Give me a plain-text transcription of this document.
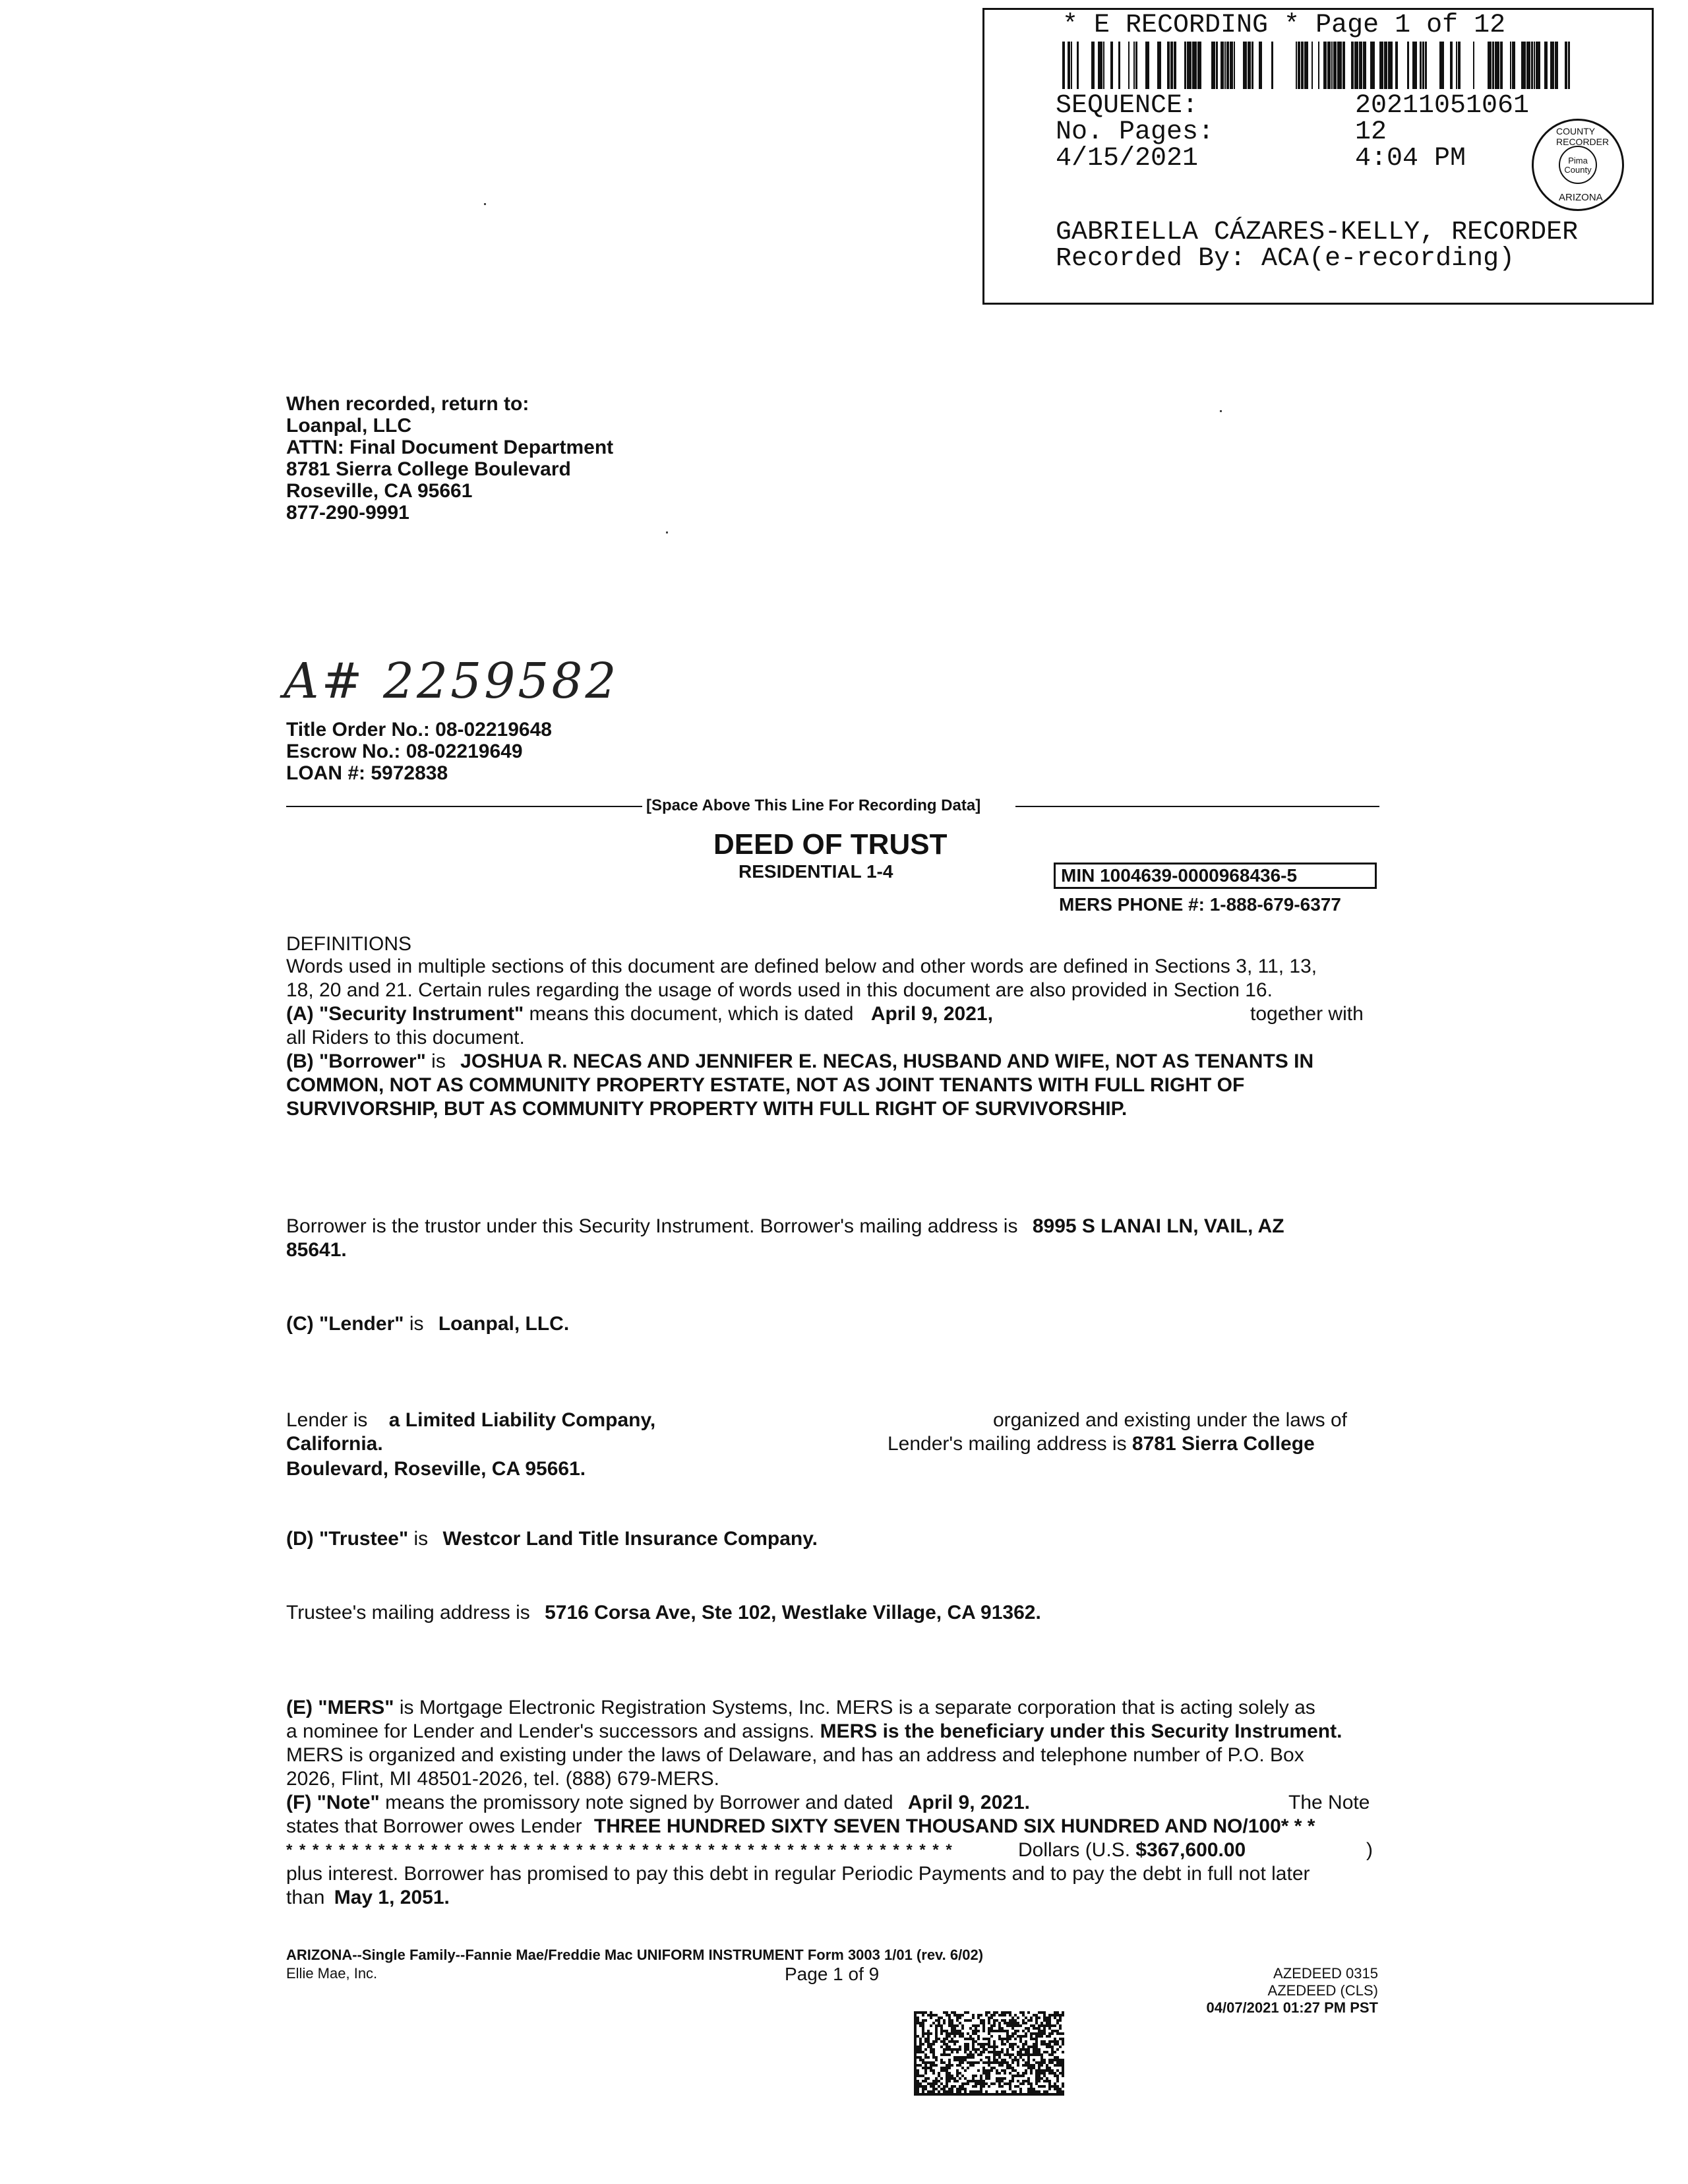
* E RECORDING * Page 1 of 12
SEQUENCE:	20211051061
No. Pages:	12
4/15/2021	4:04 PM
COUNTY RECORDER
Pima
County
ARIZONA
GABRIELLA CÁZARES-KELLY, RECORDER
Recorded By: ACA(e-recording)
When recorded, return to:
Loanpal, LLC
ATTN: Final Document Department
8781 Sierra College Boulevard
Roseville, CA 95661
877-290-9991
A# 2259582
Title Order No.: 08-02219648
Escrow No.: 08-02219649
LOAN #: 5972838
[Space Above This Line For Recording Data]
DEED OF TRUST
RESIDENTIAL 1-4	MIN 1004639-0000968436-5
MERS PHONE #: 1-888-679-6377
DEFINITIONS
Words used in multiple sections of this document are defined below and other words are defined in Sections 3, 11, 13,
18, 20 and 21. Certain rules regarding the usage of words used in this document are also provided in Section 16.
(A) "Security Instrument" means this document, which is dated April 9, 2021,	together with
all Riders to this document.
(B) "Borrower" is JOSHUA R. NECAS AND JENNIFER E. NECAS, HUSBAND AND WIFE, NOT AS TENANTS IN
COMMON, NOT AS COMMUNITY PROPERTY ESTATE, NOT AS JOINT TENANTS WITH FULL RIGHT OF
SURVIVORSHIP, BUT AS COMMUNITY PROPERTY WITH FULL RIGHT OF SURVIVORSHIP.
Borrower is the trustor under this Security Instrument. Borrower's mailing address is 8995 S LANAI LN, VAIL, AZ
85641.
(C) "Lender" is Loanpal, LLC.
Lender is a Limited Liability Company,	organized and existing under the laws of
California.	Lender's mailing address is 8781 Sierra College
Boulevard, Roseville, CA 95661.
(D) "Trustee" is Westcor Land Title Insurance Company.
Trustee's mailing address is 5716 Corsa Ave, Ste 102, Westlake Village, CA 91362.
(E) "MERS" is Mortgage Electronic Registration Systems, Inc. MERS is a separate corporation that is acting solely as
a nominee for Lender and Lender's successors and assigns. MERS is the beneficiary under this Security Instrument.
MERS is organized and existing under the laws of Delaware, and has an address and telephone number of P.O. Box
2026, Flint, MI 48501-2026, tel. (888) 679-MERS.
(F) "Note" means the promissory note signed by Borrower and dated April 9, 2021.	The Note
states that Borrower owes Lender THREE HUNDRED SIXTY SEVEN THOUSAND SIX HUNDRED AND NO/100* * *
* * * * * * * * * * * * * * * * * * * * * * * * * * * * * * * * * * * * * * * * * * * * * * * * * * *	Dollars (U.S. $367,600.00	)
plus interest. Borrower has promised to pay this debt in regular Periodic Payments and to pay the debt in full not later
than May 1, 2051.
ARIZONA--Single Family--Fannie Mae/Freddie Mac UNIFORM INSTRUMENT Form 3003 1/01 (rev. 6/02)
Ellie Mae, Inc.	Page 1 of 9	AZEDEED 0315
AZEDEED (CLS)
04/07/2021 01:27 PM PST
